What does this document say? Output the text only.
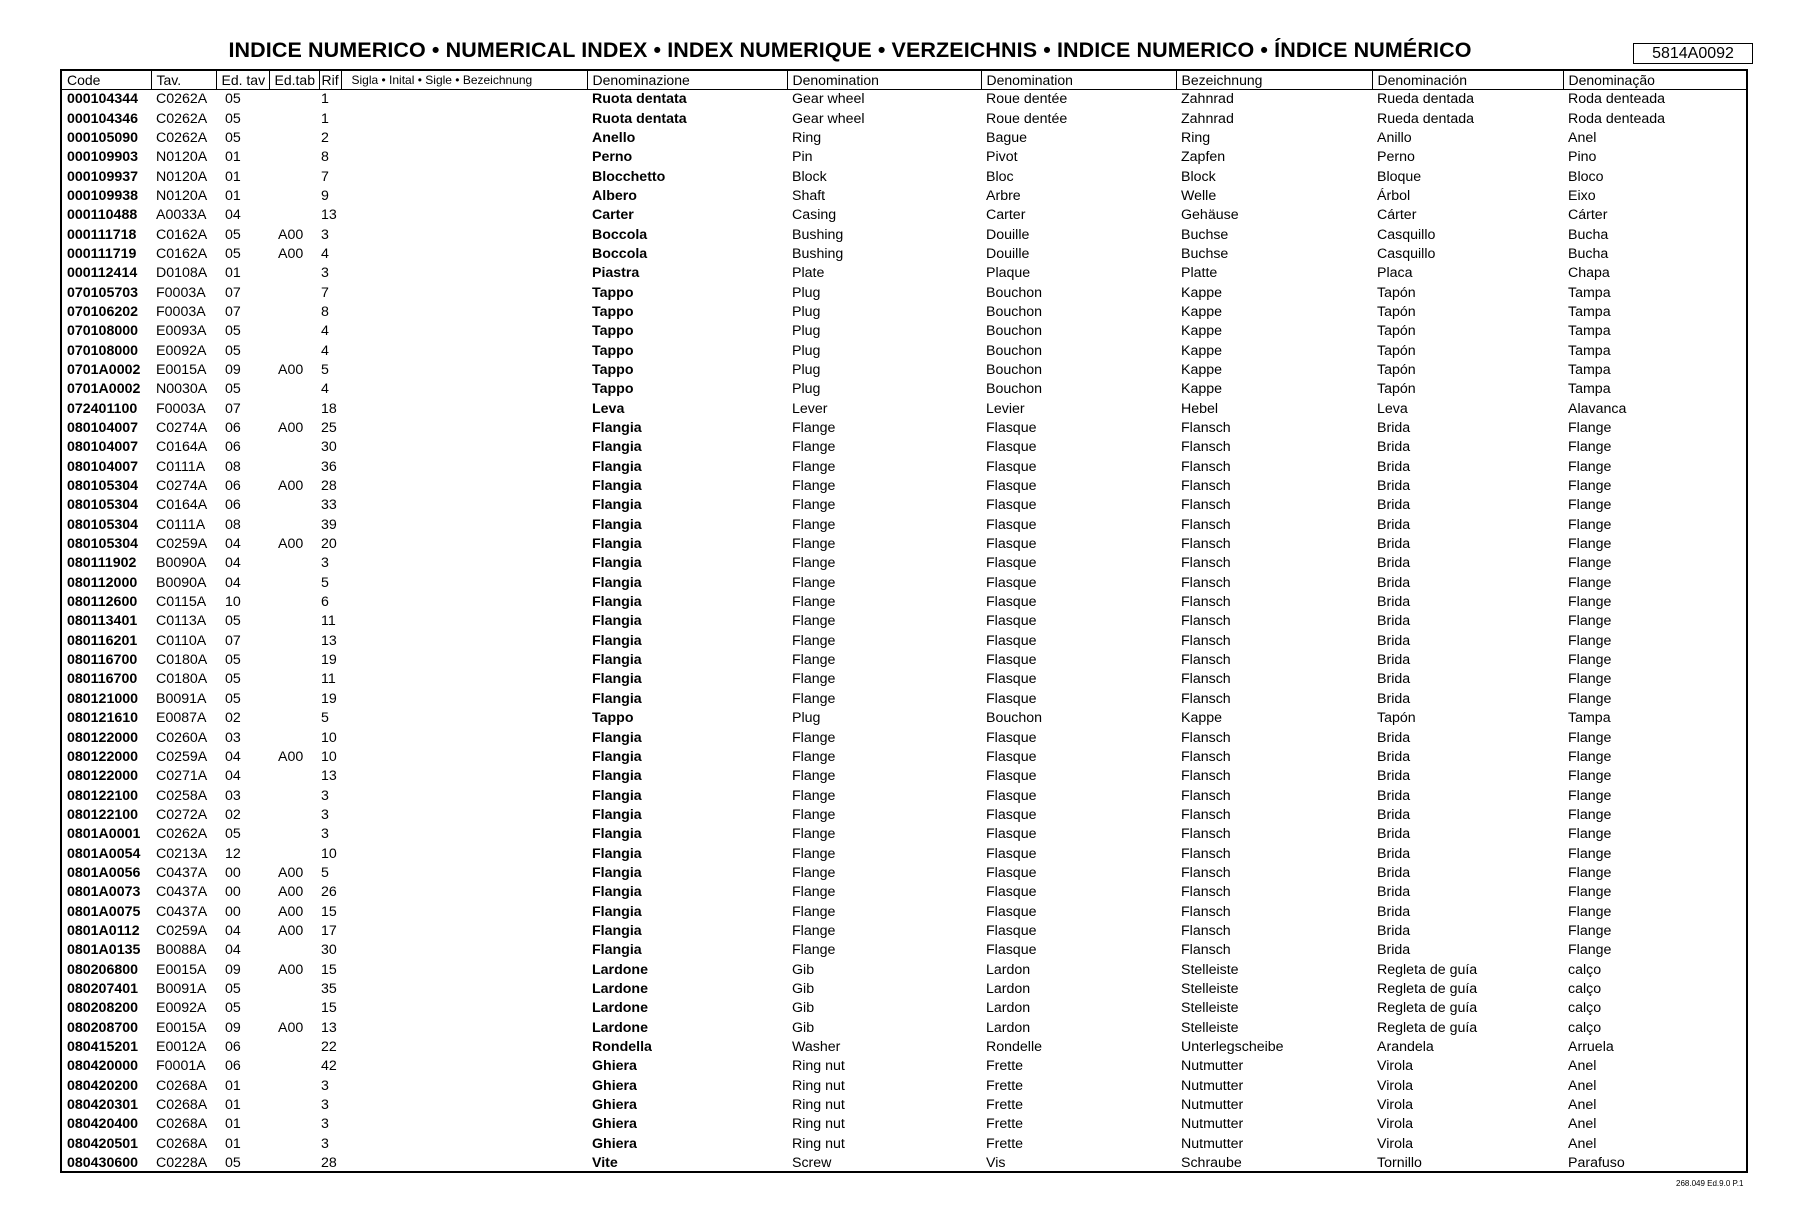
INDICE NUMERICO • NUMERICAL INDEX • INDEX NUMERIQUE • VERZEICHNIS • INDICE NUMERICO • ÍNDICE NUMÉRICO	5814A0092
Code	Tav.	Ed. tav	Ed.tab	Rif	Sigla • Inital • Sigle • Bezeichnung	Denominazione	Denomination	Denomination	Bezeichnung	Denominación	Denominação
000104344	C0262A	05		1		Ruota dentata	Gear wheel	Roue dentée	Zahnrad	Rueda dentada	Roda denteada
000104346	C0262A	05		1		Ruota dentata	Gear wheel	Roue dentée	Zahnrad	Rueda dentada	Roda denteada
000105090	C0262A	05		2		Anello	Ring	Bague	Ring	Anillo	Anel
000109903	N0120A	01		8		Perno	Pin	Pivot	Zapfen	Perno	Pino
000109937	N0120A	01		7		Blocchetto	Block	Bloc	Block	Bloque	Bloco
000109938	N0120A	01		9		Albero	Shaft	Arbre	Welle	Árbol	Eixo
000110488	A0033A	04		13		Carter	Casing	Carter	Gehäuse	Cárter	Cárter
000111718	C0162A	05	A00	3		Boccola	Bushing	Douille	Buchse	Casquillo	Bucha
000111719	C0162A	05	A00	4		Boccola	Bushing	Douille	Buchse	Casquillo	Bucha
000112414	D0108A	01		3		Piastra	Plate	Plaque	Platte	Placa	Chapa
070105703	F0003A	07		7		Tappo	Plug	Bouchon	Kappe	Tapón	Tampa
070106202	F0003A	07		8		Tappo	Plug	Bouchon	Kappe	Tapón	Tampa
070108000	E0093A	05		4		Tappo	Plug	Bouchon	Kappe	Tapón	Tampa
070108000	E0092A	05		4		Tappo	Plug	Bouchon	Kappe	Tapón	Tampa
0701A0002	E0015A	09	A00	5		Tappo	Plug	Bouchon	Kappe	Tapón	Tampa
0701A0002	N0030A	05		4		Tappo	Plug	Bouchon	Kappe	Tapón	Tampa
072401100	F0003A	07		18		Leva	Lever	Levier	Hebel	Leva	Alavanca
080104007	C0274A	06	A00	25		Flangia	Flange	Flasque	Flansch	Brida	Flange
080104007	C0164A	06		30		Flangia	Flange	Flasque	Flansch	Brida	Flange
080104007	C0111A	08		36		Flangia	Flange	Flasque	Flansch	Brida	Flange
080105304	C0274A	06	A00	28		Flangia	Flange	Flasque	Flansch	Brida	Flange
080105304	C0164A	06		33		Flangia	Flange	Flasque	Flansch	Brida	Flange
080105304	C0111A	08		39		Flangia	Flange	Flasque	Flansch	Brida	Flange
080105304	C0259A	04	A00	20		Flangia	Flange	Flasque	Flansch	Brida	Flange
080111902	B0090A	04		3		Flangia	Flange	Flasque	Flansch	Brida	Flange
080112000	B0090A	04		5		Flangia	Flange	Flasque	Flansch	Brida	Flange
080112600	C0115A	10		6		Flangia	Flange	Flasque	Flansch	Brida	Flange
080113401	C0113A	05		11		Flangia	Flange	Flasque	Flansch	Brida	Flange
080116201	C0110A	07		13		Flangia	Flange	Flasque	Flansch	Brida	Flange
080116700	C0180A	05		19		Flangia	Flange	Flasque	Flansch	Brida	Flange
080116700	C0180A	05		11		Flangia	Flange	Flasque	Flansch	Brida	Flange
080121000	B0091A	05		19		Flangia	Flange	Flasque	Flansch	Brida	Flange
080121610	E0087A	02		5		Tappo	Plug	Bouchon	Kappe	Tapón	Tampa
080122000	C0260A	03		10		Flangia	Flange	Flasque	Flansch	Brida	Flange
080122000	C0259A	04	A00	10		Flangia	Flange	Flasque	Flansch	Brida	Flange
080122000	C0271A	04		13		Flangia	Flange	Flasque	Flansch	Brida	Flange
080122100	C0258A	03		3		Flangia	Flange	Flasque	Flansch	Brida	Flange
080122100	C0272A	02		3		Flangia	Flange	Flasque	Flansch	Brida	Flange
0801A0001	C0262A	05		3		Flangia	Flange	Flasque	Flansch	Brida	Flange
0801A0054	C0213A	12		10		Flangia	Flange	Flasque	Flansch	Brida	Flange
0801A0056	C0437A	00	A00	5		Flangia	Flange	Flasque	Flansch	Brida	Flange
0801A0073	C0437A	00	A00	26		Flangia	Flange	Flasque	Flansch	Brida	Flange
0801A0075	C0437A	00	A00	15		Flangia	Flange	Flasque	Flansch	Brida	Flange
0801A0112	C0259A	04	A00	17		Flangia	Flange	Flasque	Flansch	Brida	Flange
0801A0135	B0088A	04		30		Flangia	Flange	Flasque	Flansch	Brida	Flange
080206800	E0015A	09	A00	15		Lardone	Gib	Lardon	Stelleiste	Regleta de guía	calço
080207401	B0091A	05		35		Lardone	Gib	Lardon	Stelleiste	Regleta de guía	calço
080208200	E0092A	05		15		Lardone	Gib	Lardon	Stelleiste	Regleta de guía	calço
080208700	E0015A	09	A00	13		Lardone	Gib	Lardon	Stelleiste	Regleta de guía	calço
080415201	E0012A	06		22		Rondella	Washer	Rondelle	Unterlegscheibe	Arandela	Arruela
080420000	F0001A	06		42		Ghiera	Ring nut	Frette	Nutmutter	Virola	Anel
080420200	C0268A	01		3		Ghiera	Ring nut	Frette	Nutmutter	Virola	Anel
080420301	C0268A	01		3		Ghiera	Ring nut	Frette	Nutmutter	Virola	Anel
080420400	C0268A	01		3		Ghiera	Ring nut	Frette	Nutmutter	Virola	Anel
080420501	C0268A	01		3		Ghiera	Ring nut	Frette	Nutmutter	Virola	Anel
080430600	C0228A	05		28		Vite	Screw	Vis	Schraube	Tornillo	Parafuso
268.049 Ed.9.0 P.1
